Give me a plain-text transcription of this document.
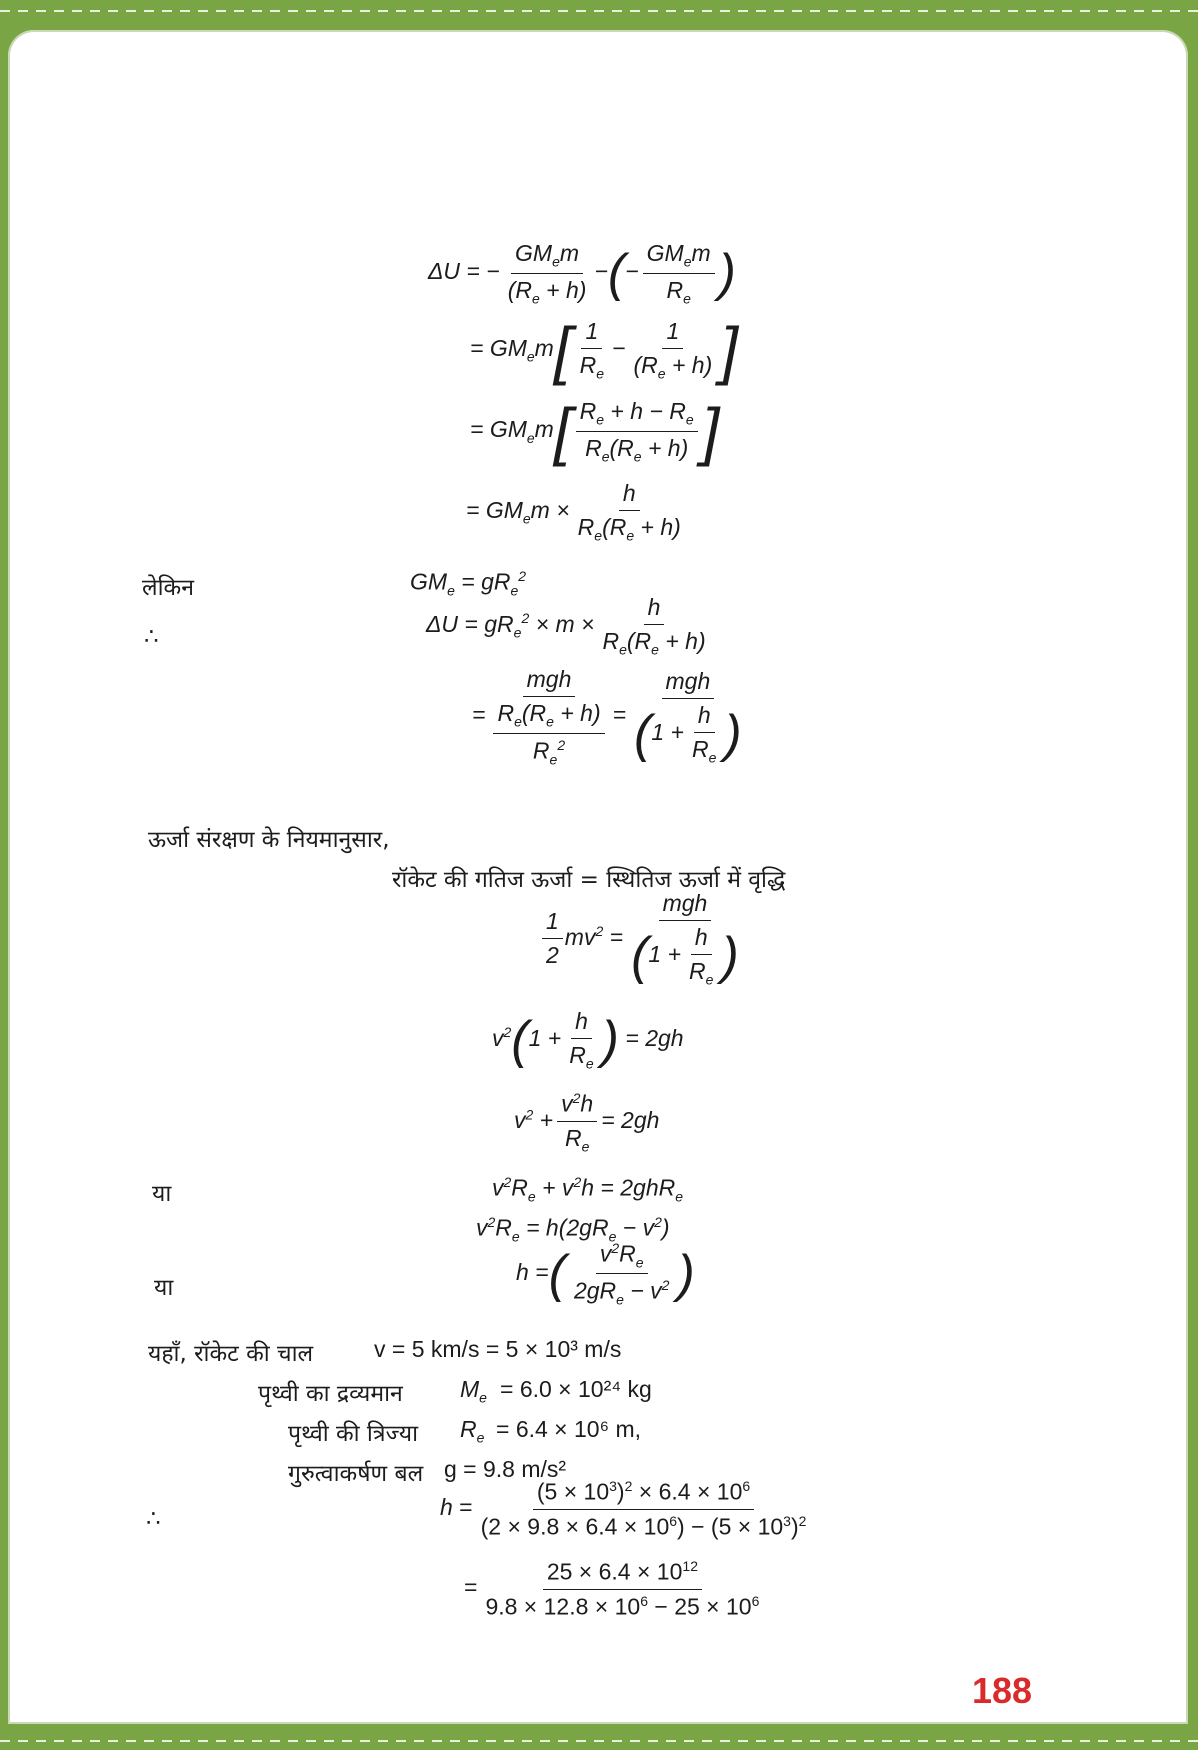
ΔU = − $\frac{GM_em}{(R_e + h)}$ −(− $\frac{GM_em}{R_e}$ )
= $GM_em[ \frac{1}{R_e} - \frac{1}{(R_e + h)}$ ]
= $GM_em[ \frac{R_e + h - R_e}{R_e(R_e + h)}$ ]
= $GM_em \times \frac{h}{R_e(R_e + h)}$
लेकिन	$GM_e = gR_e^2$
∴
$\Delta U = gR_e^2 \times m \times \frac{h}{R_e(R_e + h)}$
= $\frac{\text{mgh}}{\frac{R_e(R_e + h)}{R_e^2}} = \frac{\text{mgh}}{(1 + \frac{h}{R_e} )}$
ऊर्जा संरक्षण के नियमानुसार,
रॉकेट की गतिज ऊर्जा = स्थितिज ऊर्जा में वृद्धि
$\frac{1}{2} mv^2 = \frac{\text{mgh}}{(1 + \frac{h}{R_e} )}$
$v^2(1 + \frac{h}{R_e}$ ) = 2gh
$v^2 + \frac{v^2h}{R_e} = 2gh$
या	$v^2R_e + v^2h = 2ghR_e$
$v^2R_e = h(2gR_e - v^2)$
या
h =( $\frac{v^2R_e}{2gR_e - v^2}$ )
यहाँ, रॉकेट की चाल	v = 5 km/s = 5 × 10³ m/s
पृथ्वी का द्रव्यमान $M_e = 6.0 \times 10^{24}$ kg
पृथ्वी की त्रिज्या $R_e = 6.4 \times 10^6$ m,
गुरुत्वाकर्षण बल g = 9.8 m/s²
∴	$h = \frac{(5 \times 10^3)^2 \times 6.4 \times 10^6}{(2 \times 9.8 \times 6.4 \times 10^6) - (5 \times 10^3)^2}$
= $\frac{25 \times 6.4 \times 10^{12}}{9.8 \times 12.8 \times 10^6 - 25 \times 10^6}$
188
